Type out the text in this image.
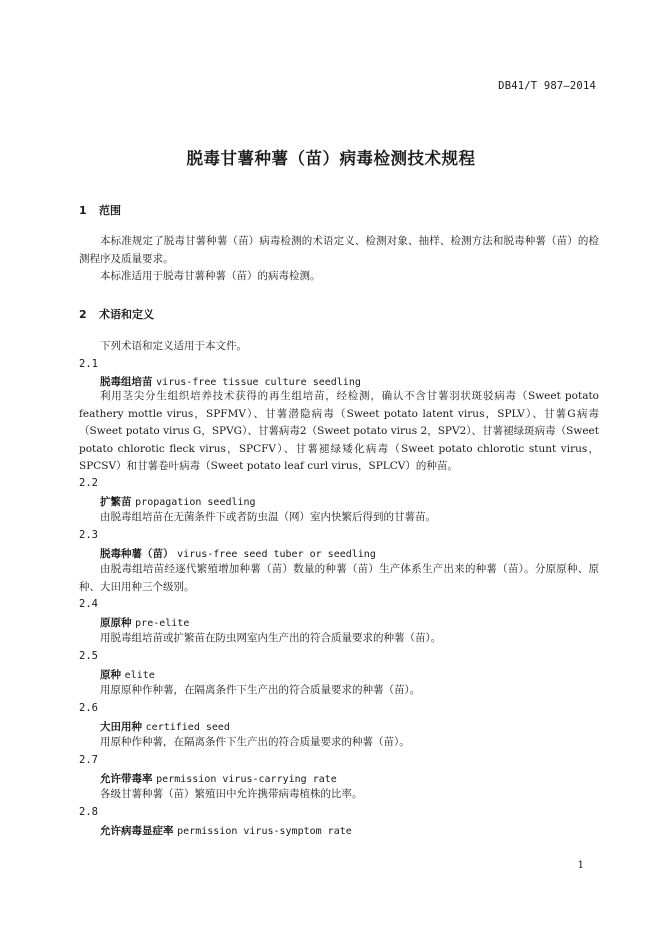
DB41/T 987—2014
脱毒甘薯种薯（苗）病毒检测技术规程
1 范围
本标准规定了脱毒甘薯种薯（苗）病毒检测的术语定义、检测对象、抽样、检测方法和脱毒种薯（苗）的检测程序及质量要求。
本标准适用于脱毒甘薯种薯（苗）的病毒检测。
2 术语和定义
下列术语和定义适用于本文件。
2.1
脱毒组培苗 virus-free tissue culture seedling
利用茎尖分生组织培养技术获得的再生组培苗，经检测，确认不含甘薯羽状斑驳病毒（Sweet potato feathery mottle virus，SPFMV）、甘薯潜隐病毒（Sweet potato latent virus，SPLV）、甘薯G病毒（Sweet potato virus G，SPVG）、甘薯病毒2（Sweet potato virus 2，SPV2）、甘薯褪绿斑病毒（Sweet potato chlorotic fleck virus，SPCFV）、甘薯褪绿矮化病毒（Sweet potato chlorotic stunt virus，SPCSV）和甘薯卷叶病毒（Sweet potato leaf curl virus，SPLCV）的种苗。
2.2
扩繁苗 propagation seedling
由脱毒组培苗在无菌条件下或者防虫温（网）室内快繁后得到的甘薯苗。
2.3
脱毒种薯（苗） virus-free seed tuber or seedling
由脱毒组培苗经逐代繁殖增加种薯（苗）数量的种薯（苗）生产体系生产出来的种薯（苗）。分原原种、原种、大田用种三个级别。
2.4
原原种 pre-elite
用脱毒组培苗或扩繁苗在防虫网室内生产出的符合质量要求的种薯（苗）。
2.5
原种 elite
用原原种作种薯，在隔离条件下生产出的符合质量要求的种薯（苗）。
2.6
大田用种 certified seed
用原种作种薯，在隔离条件下生产出的符合质量要求的种薯（苗）。
2.7
允许带毒率 permission virus-carrying rate
各级甘薯种薯（苗）繁殖田中允许携带病毒植株的比率。
2.8
允许病毒显症率 permission virus-symptom rate
1
